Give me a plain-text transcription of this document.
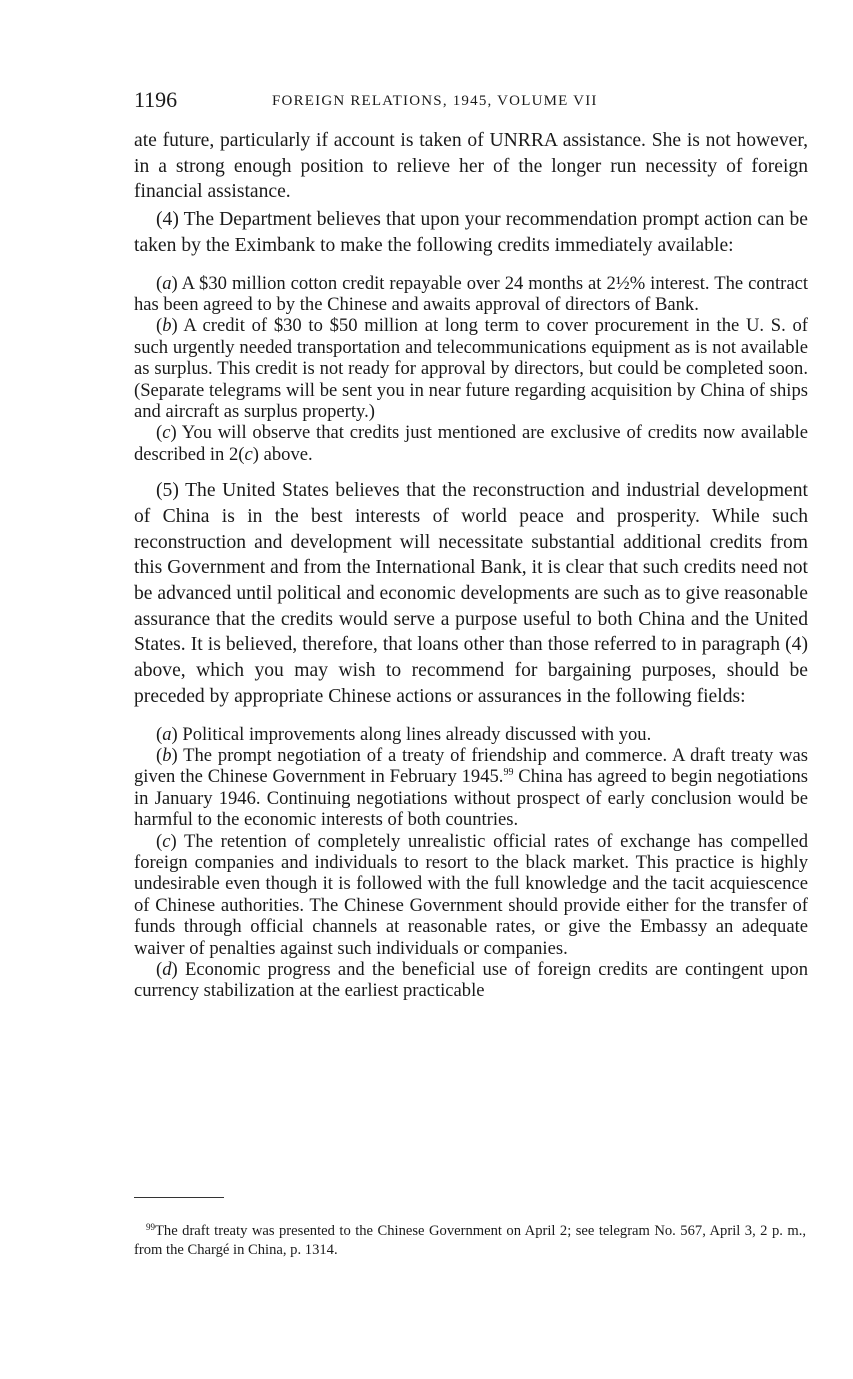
1196	FOREIGN RELATIONS, 1945, VOLUME VII

ate future, particularly if account is taken of UNRRA assistance. She is not however, in a strong enough position to relieve her of the longer run necessity of foreign financial assistance.

(4) The Department believes that upon your recommendation prompt action can be taken by the Eximbank to make the following credits immediately available:

(a) A $30 million cotton credit repayable over 24 months at 2½% interest. The contract has been agreed to by the Chinese and awaits approval of directors of Bank.

(b) A credit of $30 to $50 million at long term to cover procurement in the U. S. of such urgently needed transportation and telecommunications equipment as is not available as surplus. This credit is not ready for approval by directors, but could be completed soon. (Separate telegrams will be sent you in near future regarding acquisition by China of ships and aircraft as surplus property.)

(c) You will observe that credits just mentioned are exclusive of credits now available described in 2(c) above.

(5) The United States believes that the reconstruction and industrial development of China is in the best interests of world peace and prosperity. While such reconstruction and development will necessitate substantial additional credits from this Government and from the International Bank, it is clear that such credits need not be advanced until political and economic developments are such as to give reasonable assurance that the credits would serve a purpose useful to both China and the United States. It is believed, therefore, that loans other than those referred to in paragraph (4) above, which you may wish to recommend for bargaining purposes, should be preceded by appropriate Chinese actions or assurances in the following fields:

(a) Political improvements along lines already discussed with you.

(b) The prompt negotiation of a treaty of friendship and commerce. A draft treaty was given the Chinese Government in February 1945.99 China has agreed to begin negotiations in January 1946. Continuing negotiations without prospect of early conclusion would be harmful to the economic interests of both countries.

(c) The retention of completely unrealistic official rates of exchange has compelled foreign companies and individuals to resort to the black market. This practice is highly undesirable even though it is followed with the full knowledge and the tacit acquiescence of Chinese authorities. The Chinese Government should provide either for the transfer of funds through official channels at reasonable rates, or give the Embassy an adequate waiver of penalties against such individuals or companies.

(d) Economic progress and the beneficial use of foreign credits are contingent upon currency stabilization at the earliest practicable

$^{99}$The draft treaty was presented to the Chinese Government on April 2; see telegram No. 567, April 3, 2 p. m., from the Chargé in China, p. 1314.
